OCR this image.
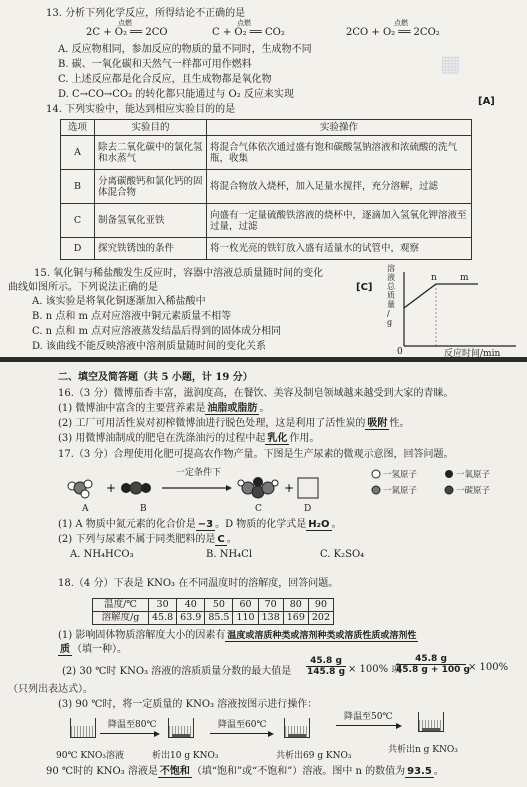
▦
13. 分析下列化学反应，所得结论不正确的是
点燃	点燃	点燃
2C + O₂ ══ 2CO	C + O₂ ══ CO₂	2CO + O₂ ══ 2CO₂
A. 反应物相同，参加反应的物质的量不同时，生成物不同
B. 碳、一氧化碳和天然气一样都可用作燃料
C. 上述反应都是化合反应，且生成物都是氧化物
D. C→CO→CO₂ 的转化都只能通过与 O₂ 反应来实现
[A]
14. 下列实验中，能达到相应实验目的的是
选项	实验目的	实验操作
A	除去二氧化碳中的氯化氢和水蒸气	将混合气体依次通过盛有饱和碳酸氢钠溶液和浓硫酸的洗气瓶，收集
B	分离碳酸钙和氯化钙的固体混合物	将混合物放入烧杯，加入足量水搅拌，充分溶解，过滤
C	制备氢氧化亚铁	向盛有一定量硫酸铁溶液的烧杯中，逐滴加入氢氧化钾溶液至过量，过滤
D	探究铁锈蚀的条件	将一枚光亮的铁钉放入盛有适量水的试管中，观察
15. 氧化铜与稀盐酸发生反应时，容器中溶液总质量随时间的变化
曲线如图所示。下列说法正确的是	[C]
A. 该实验是将氧化铜逐渐加入稀盐酸中
B. n 点和 m 点对应溶液中铜元素质量不相等
C. n 点和 m 点对应溶液蒸发结晶后得到的固体成分相同
D. 该曲线不能反映溶液中溶剂质量随时间的变化关系
溶
液
总
质
量
/
g
n	m
0	反应时间/min
二、填空及简答题（共 5 小题，计 19 分）
16.（3 分）微博茄香丰富，滋润度高，在餐饮、美容及制皂领域越来越受到大家的青睐。
(1) 微博油中富含的主要营养素是 油脂或脂肪 。
(2) 工厂可用活性炭对初榨微博油进行脱色处理，这是利用了活性炭的 吸附 性。
(3) 用微博油制成的肥皂在洗涤油污的过程中起 乳化 作用。
17.（3 分）合理使用化肥可提高农作物产量。下图是生产尿素的微观示意图，回答问题。
一定条件下
+	+
一氢原子	一氧原子
一氮原子	一碳原子
A	B	C	D
(1) A 物质中氮元素的化合价是 −3 。D 物质的化学式是 H₂O 。
(2) 下列与尿素不属于同类肥料的是 C 。
A. NH₄HCO₃	B. NH₄Cl	C. K₂SO₄
18.（4 分）下表是 KNO₃ 在不同温度时的溶解度，回答问题。
温度/℃	30	40	50	60	70	80	90
溶解度/g	45.8	63.9	85.5	110	138	169	202
(1) 影响固体物质溶解度大小的因素有 温度或溶质种类或溶剂种类或溶质性质或溶剂性
质 （填一种）。
(2) 30 ℃时 KNO₃ 溶液的溶质质量分数的最大值是
45.8 g
145.8 g × 100% 或
45.8 g
45.8 g + 100 g
× 100%
（只列出表达式）。
(3) 90 ℃时，将一定质量的 KNO₃ 溶液按图示进行操作：
降温至80℃	降温至60℃
降温至50℃
90℃ KNO₃溶液	析出10 g KNO₃	共析出69 g KNO₃
共析出n g KNO₃
90 ℃时的 KNO₃ 溶液是 不饱和 （填“饱和”或“不饱和”）溶液。图中 n 的数值为 93.5 。
